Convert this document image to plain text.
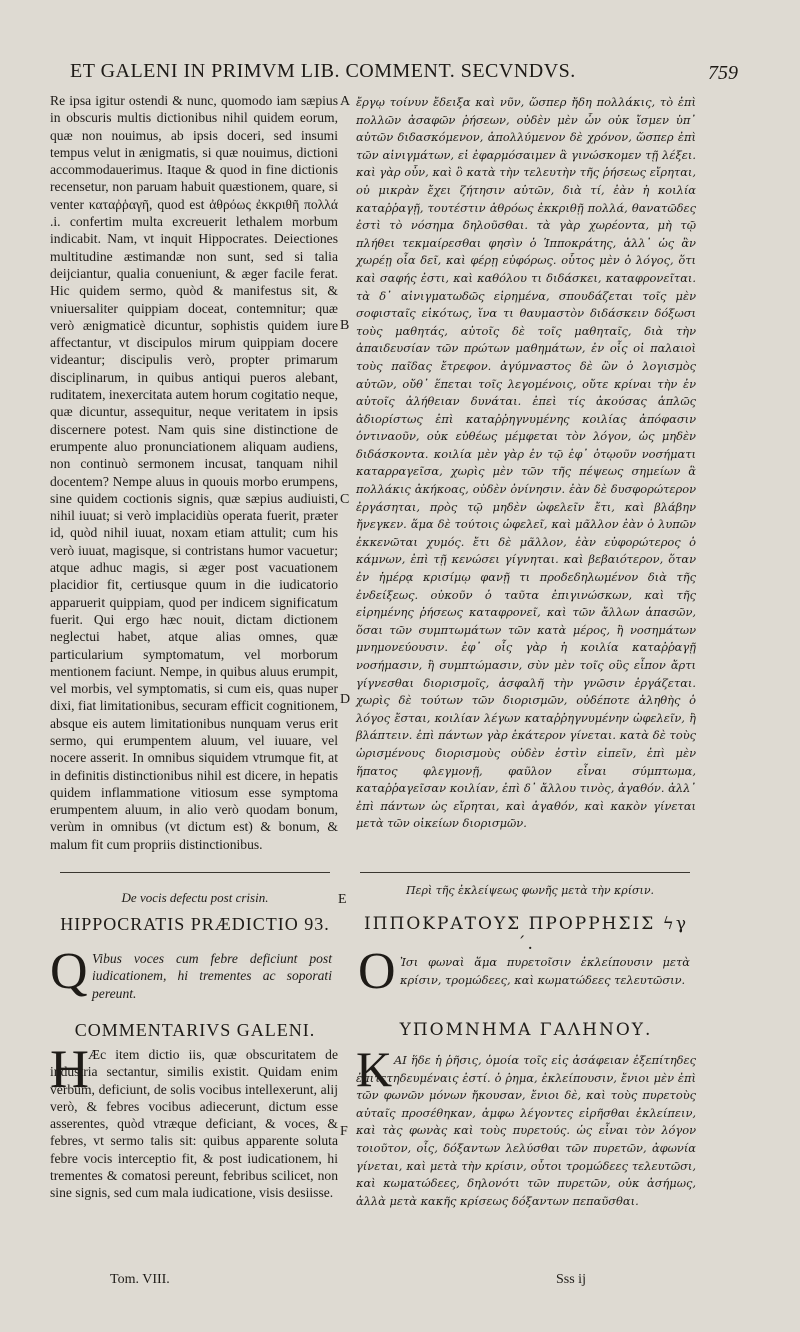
ET GALENI IN PRIMVM LIB. COMMENT. SECVNDVS.	759

Re ipsa igitur ostendi & nunc, quomodo iam sæpius in obscuris multis dictionibus nihil quidem eorum, quæ non nouimus, ab ipsis doceri, sed insumi tempus velut in ænigmatis, si quæ nouimus, dictioni accommodauerimus. Itaque & quod in fine dictionis recensetur, non paruam habuit quæstionem, quare, si venter καταῤῥαγῆ, quod est ἀθρόως ἐκκριθῆ πολλά .i. confertim multa excreuerit lethalem morbum indicabit. Nam, vt inquit Hippocrates. Deiectiones multitudine æstimandæ non sunt, sed si talia deijciantur, qualia conueniunt, & æger facile ferat. Hic quidem sermo, quòd & manifestus sit, & vniuersaliter quippiam doceat, contemnitur; quæ verò ænigmaticè dicuntur, sophistis quidem iure affectantur, vt discipulos mirum quippiam docere videantur; discipulis verò, propter primarum disciplinarum, in quibus antiqui pueros alebant, ruditatem, inexercitata autem horum cogitatio neque, quæ dicuntur, assequitur, neque veritatem in ipsis discernere potest. Nam quis sine distinctione de erumpente aluo pronunciationem aliquam audiens, non continuò sermonem incusat, tanquam nihil docentem? Nempe aluus in quouis morbo erumpens, sine quidem coctionis signis, quæ sæpius audiuisti, nihil iuuat; si verò implacidiùs operata fuerit, præter id, quòd nihil iuuat, noxam etiam attulit; cum his verò iuuat, magisque, si contristans humor vacuetur; atque adhuc magis, si æger post vacuationem placidior fit, certiusque quum in die iudicatorio apparuerit quippiam, quod per indicem significatum fuerit. Qui ergo hæc nouit, dictam dictionem neglectui habet, atque alias omnes, quæ particularium symptomatum, vel morborum mentionem faciunt. Nempe, in quibus aluus erumpit, vel morbis, vel symptomatis, si cum eis, quas nuper dixi, fiat limitationibus, securam efficit cognitionem, absque eis autem limitationibus nunquam verus erit sermo, qui erumpentem aluum, vel iuuare, vel nocere asserit. In omnibus siquidem vtrumque fit, at in definitis distinctionibus nihil est dicere, in hepatis quidem inflammatione vitiosum esse symptoma erumpentem aluum, in alio verò quodam bonum, verùm in omnibus (vt dictum est) & bonum, & malum fit cum propriis distinctionibus.

A
B
C
D
E
F

ἔργῳ τοίνυν ἔδειξα καὶ νῦν, ὥσπερ ἤδη πολλάκις, τὸ ἐπὶ πολλῶν ἀσαφῶν ῥήσεων, οὐδὲν μὲν ὧν οὐκ ἴσμεν ὑπ᾽ αὐτῶν διδασκόμενον, ἀπολλύμενον δὲ χρόνον, ὥσπερ ἐπὶ τῶν αἰνιγμάτων, εἰ ἐφαρμόσαιμεν ἃ γινώσκομεν τῇ λέξει. καὶ γὰρ οὖν, καὶ ὃ κατὰ τὴν τελευτὴν τῆς ῥήσεως εἴρηται, οὐ μικρὰν ἔχει ζήτησιν αὐτῶν, διὰ τί, ἐὰν ἡ κοιλία καταῤῥαγῇ, τουτέστιν ἀθρόως ἐκκριθῇ πολλά, θανατῶδες ἐστὶ τὸ νόσημα δηλοῦσθαι. τὰ γὰρ χωρέοντα, μὴ τῷ πλήθει τεκμαίρεσθαι φησὶν ὁ Ἱπποκράτης, ἀλλ᾽ ὡς ἂν χωρέῃ οἷα δεῖ, καὶ φέρῃ εὐφόρως. οὗτος μὲν ὁ λόγος, ὅτι καὶ σαφής ἐστι, καὶ καθόλου τι διδάσκει, καταφρονεῖται. τὰ δ᾽ αἰνιγματωδῶς εἰρημένα, σπουδάζεται τοῖς μὲν σοφισταῖς εἰκότως, ἵνα τι θαυμαστὸν διδάσκειν δόξωσι τοὺς μαθητάς, αὐτοῖς δὲ τοῖς μαθηταῖς, διὰ τὴν ἀπαιδευσίαν τῶν πρώτων μαθημάτων, ἐν οἷς οἱ παλαιοὶ τοὺς παῖδας ἔτρεφον. ἀγύμναστος δὲ ὢν ὁ λογισμὸς αὐτῶν, οὔθ᾽ ἕπεται τοῖς λεγομένοις, οὔτε κρίναι τὴν ἐν αὐτοῖς ἀλήθειαν δυνάται. ἐπεὶ τίς ἀκούσας ἁπλῶς ἀδιορίστως ἐπὶ καταῤῥηγνυμένης κοιλίας ἀπόφασιν ὁντιναοῦν, οὐκ εὐθέως μέμφεται τὸν λόγον, ὡς μηδὲν διδάσκοντα. κοιλία μὲν γὰρ ἐν τῷ ἐφ᾽ ὁτῳοῦν νοσήματι καταρραγεῖσα, χωρὶς μὲν τῶν τῆς πέψεως σημείων ἃ πολλάκις ἀκήκοας, οὐδὲν ὀνίνησιν. ἐὰν δὲ δυσφορώτερον ἐργάσηται, πρὸς τῷ μηδὲν ὠφελεῖν ἔτι, καὶ βλάβην ἤνεγκεν. ἅμα δὲ τούτοις ὠφελεῖ, καὶ μᾶλλον ἐὰν ὁ λυπῶν ἐκκενῶται χυμός. ἔτι δὲ μᾶλλον, ἐὰν εὐφορώτερος ὁ κάμνων, ἐπὶ τῇ κενώσει γίγνηται. καὶ βεβαιότερον, ὅταν ἐν ἡμέρᾳ κρισίμῳ φανῇ τι προδεδηλωμένον διὰ τῆς ἐνδείξεως. οὐκοῦν ὁ ταῦτα ἐπιγινώσκων, καὶ τῆς εἰρημένης ῥήσεως καταφρονεῖ, καὶ τῶν ἄλλων ἁπασῶν, ὅσαι τῶν συμπτωμάτων τῶν κατὰ μέρος, ἢ νοσημάτων μνημονεύουσιν. ἐφ᾽ οἷς γὰρ ἡ κοιλία καταῤῥαγῇ νοσήμασιν, ἢ συμπτώμασιν, σὺν μὲν τοῖς οὓς εἶπον ἄρτι γίγνεσθαι διορισμοῖς, ἀσφαλῆ τὴν γνῶσιν ἐργάζεται. χωρὶς δὲ τούτων τῶν διορισμῶν, οὐδέποτε ἀληθὴς ὁ λόγος ἔσται, κοιλίαν λέγων καταῤῥηγνυμένην ὠφελεῖν, ἢ βλάπτειν. ἐπὶ πάντων γὰρ ἑκάτερον γίνεται. κατὰ δὲ τοὺς ὡρισμένους διορισμοὺς οὐδὲν ἐστὶν εἰπεῖν, ἐπὶ μὲν ἥπατος φλεγμονῇ, φαῦλον εἶναι σύμπτωμα, καταῤῥαγεῖσαν κοιλίαν, ἐπὶ δ᾽ ἄλλου τινὸς, ἀγαθόν. ἀλλ᾽ ἐπὶ πάντων ὡς εἴρηται, καὶ ἀγαθόν, καὶ κακὸν γίνεται μετὰ τῶν οἰκείων διορισμῶν.

De vocis defectu post crisin.	Περὶ τῆς ἐκλείψεως φωνῆς μετὰ τὴν κρίσιν.
HIPPOCRATIS PRÆDICTIO 93.	ΙΠΠΟΚΡΑΤΟΥΣ ΠΡΟΡΡΗΣΙΣ ϟγ´.
Q Vibus voces cum febre deficiunt post iudicationem, hi trementes ac soporati pereunt.	O Ἰσι φωναὶ ἅμα πυρετοῖσιν ἐκλείπουσιν μετὰ κρίσιν, τρομώδεες, καὶ κωματώδεες τελευτῶσιν.
COMMENTARIVS GALENI.	ΥΠΟΜΝΗΜΑ ΓΑΛΗΝΟΥ.
H Æc item dictio iis, quæ obscuritatem de industria sectantur, similis existit. Quidam enim verbum, deficiunt, de solis vocibus intellexerunt, alij verò, & febres vocibus adiecerunt, dictum esse asserentes, quòd vtræque deficiant, & voces, & febres, vt sermo talis sit: quibus apparente soluta febre vocis interceptio fit, & post iudicationem, hi trementes & comatosi pereunt, febribus scilicet, non sine signis, sed cum mala iudicatione, visis desiisse.
K ΑΙ ἥδε ἡ ῥῆσις, ὁμοία τοῖς εἰς ἀσάφειαν ἐξεπίτηδες ἐπιτετηδευμέναις ἐστί. ὁ ῥημα, ἐκλείπουσιν, ἔνιοι μὲν ἐπὶ τῶν φωνῶν μόνων ἤκουσαν, ἔνιοι δὲ, καὶ τοὺς πυρετοὺς αὐταῖς προσέθηκαν, ἀμφω λέγοντες εἰρῆσθαι ἐκλείπειν, καὶ τὰς φωνὰς καὶ τοὺς πυρετούς. ὡς εἶναι τὸν λόγον τοιοῦτον, οἷς, δόξαντων λελύσθαι τῶν πυρετῶν, ἀφωνία γίνεται, καὶ μετὰ τὴν κρίσιν, οὗτοι τρομώδεες τελευτῶσι, καὶ κωματώδεες, δηλονότι τῶν πυρετῶν, οὐκ ἀσήμως, ἀλλὰ μετὰ κακῆς κρίσεως δόξαντων πεπαῦσθαι.
Tom. VIII.	Sss ij
